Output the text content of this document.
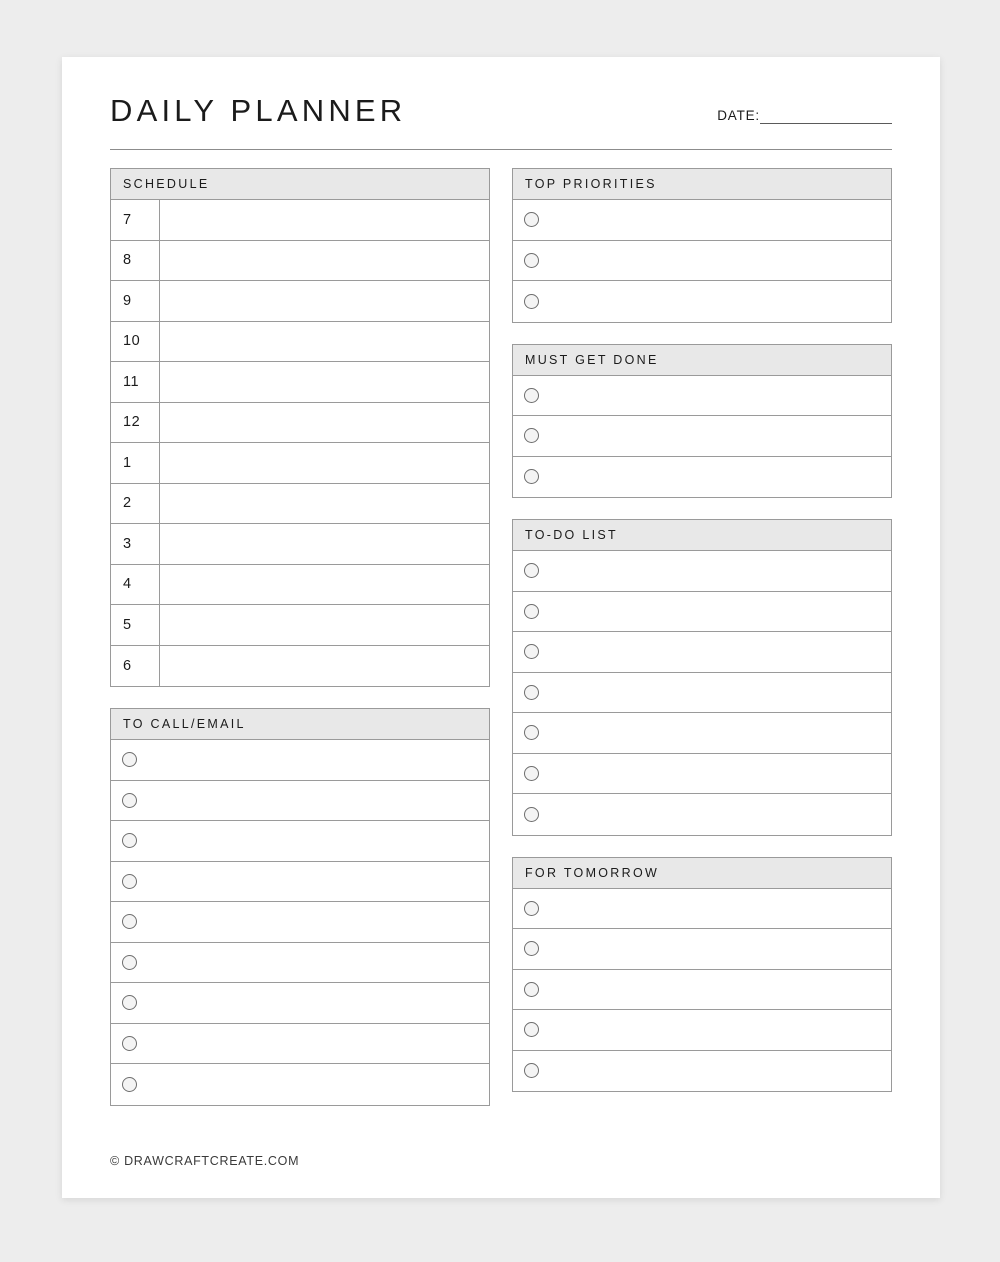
DAILY PLANNER	DATE:
SCHEDULE
7
8
9
10
11
12
1
2
3
4
5
6
TO CALL/EMAIL
TOP PRIORITIES
MUST GET DONE
TO-DO LIST
FOR TOMORROW
© DRAWCRAFTCREATE.COM
